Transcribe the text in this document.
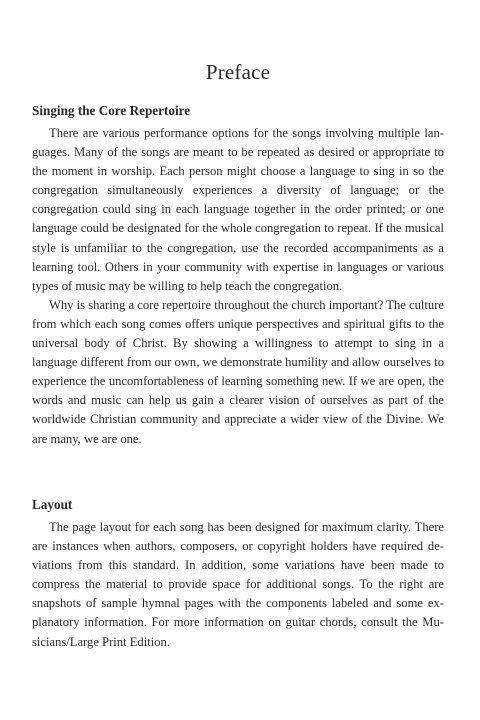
Preface
Singing the Core Repertoire

There are various performance options for the songs involving multiple languages. Many of the songs are meant to be repeated as desired or appropriate to the moment in worship. Each person might choose a language to sing in so the congregation simultaneously experiences a diversity of language; or the congregation could sing in each language together in the order printed; or one language could be designated for the whole congregation to repeat. If the musical style is unfamiliar to the congregation, use the recorded accompaniments as a learning tool. Others in your community with expertise in languages or various types of music may be willing to help teach the congregation.

Why is sharing a core repertoire throughout the church important? The culture from which each song comes offers unique perspectives and spiritual gifts to the universal body of Christ. By showing a willingness to attempt to sing in a language different from our own, we demonstrate humility and allow ourselves to experience the uncomfortableness of learning something new. If we are open, the words and music can help us gain a clearer vision of ourselves as part of the worldwide Christian community and appreciate a wider view of the Divine. We are many, we are one.

Layout

The page layout for each song has been designed for maximum clarity. There are instances when authors, composers, or copyright holders have required deviations from this standard. In addition, some variations have been made to compress the material to provide space for additional songs. To the right are snapshots of sample hymnal pages with the components labeled and some explanatory information. For more information on guitar chords, consult the Musicians/Large Print Edition.
